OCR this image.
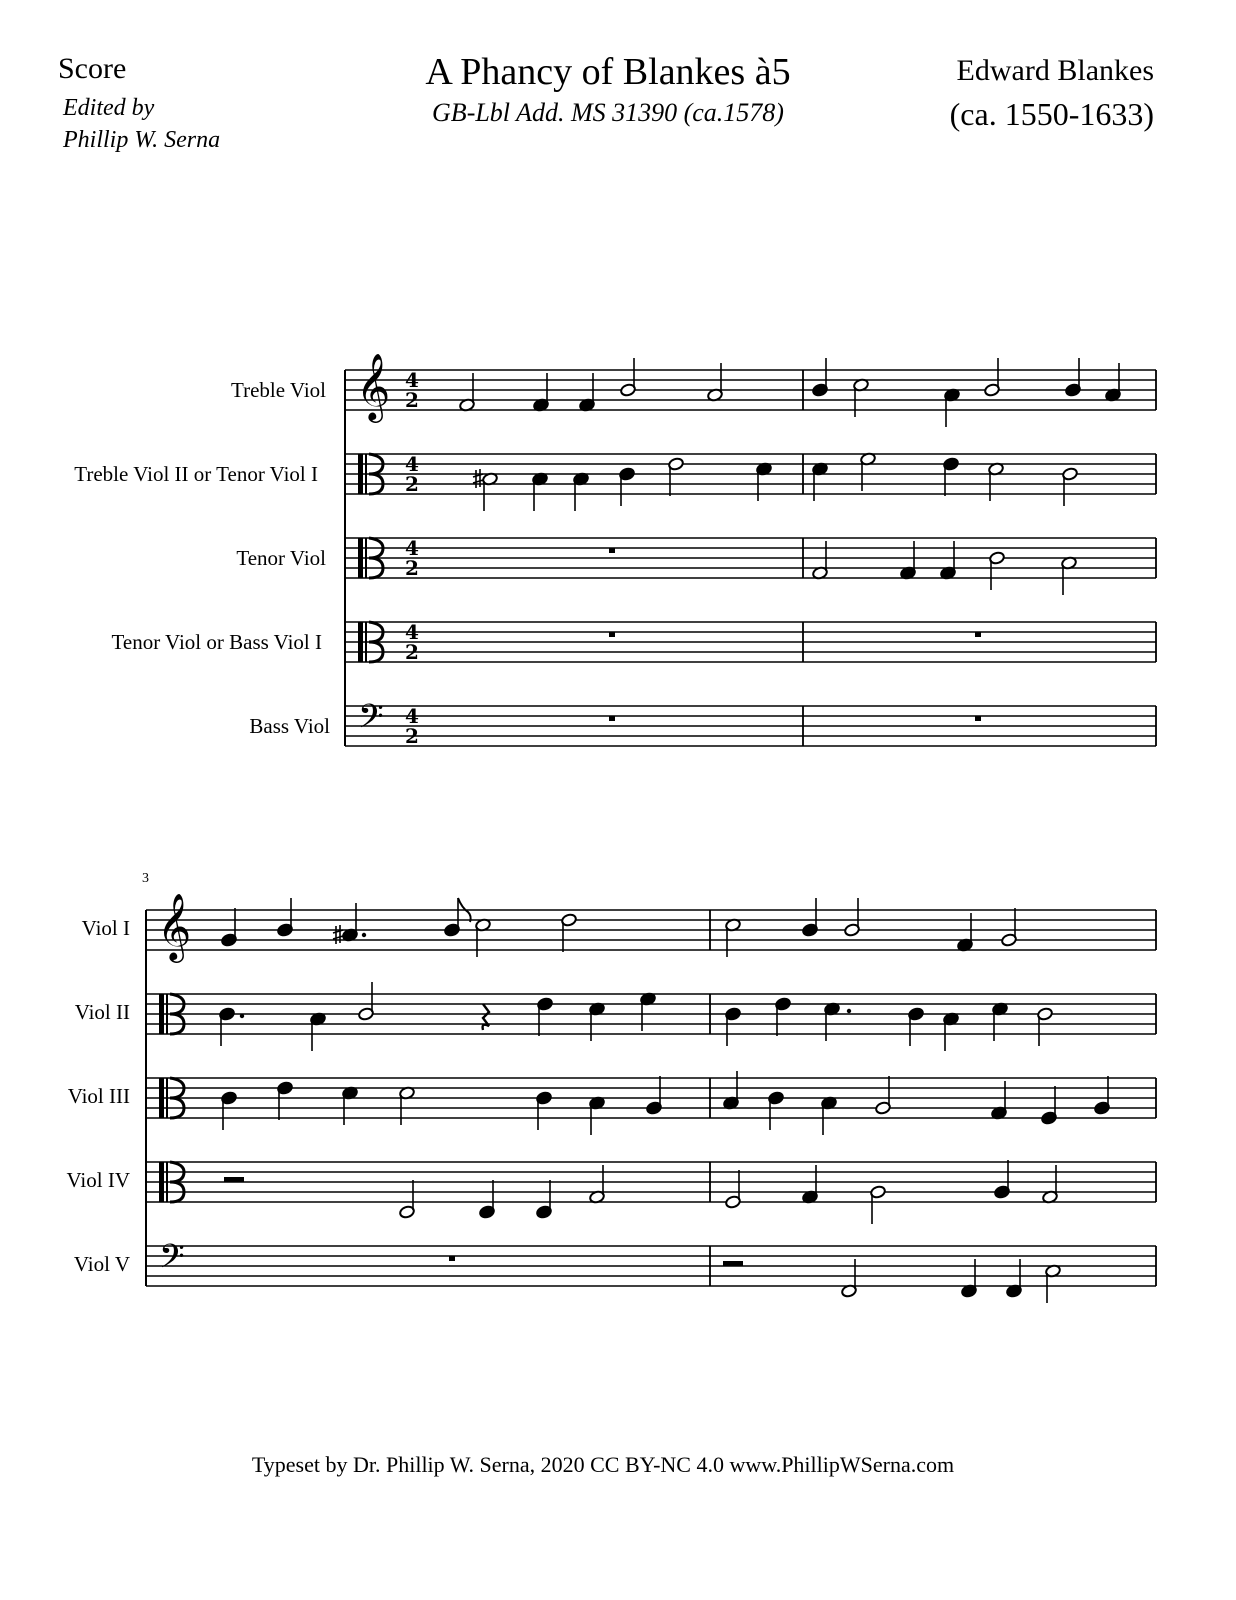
Score
Edited by
Phillip W. Serna
A Phancy of Blankes à5
GB-Lbl Add. MS 31390 (ca.1578)
Edward Blankes
(ca. 1550-1633)
Treble Viol
Treble Viol II or Tenor Viol I
Tenor Viol
Tenor Viol or Bass Viol I
Bass Viol
3
Viol I
Viol II
Viol III
Viol IV
Viol V
𝄞 4
2
4
2
4
2
4
2
𝄢 4
2
𝄞
𝄢
Typeset by Dr. Phillip W. Serna, 2020 CC BY-NC 4.0 www.PhillipWSerna.com
